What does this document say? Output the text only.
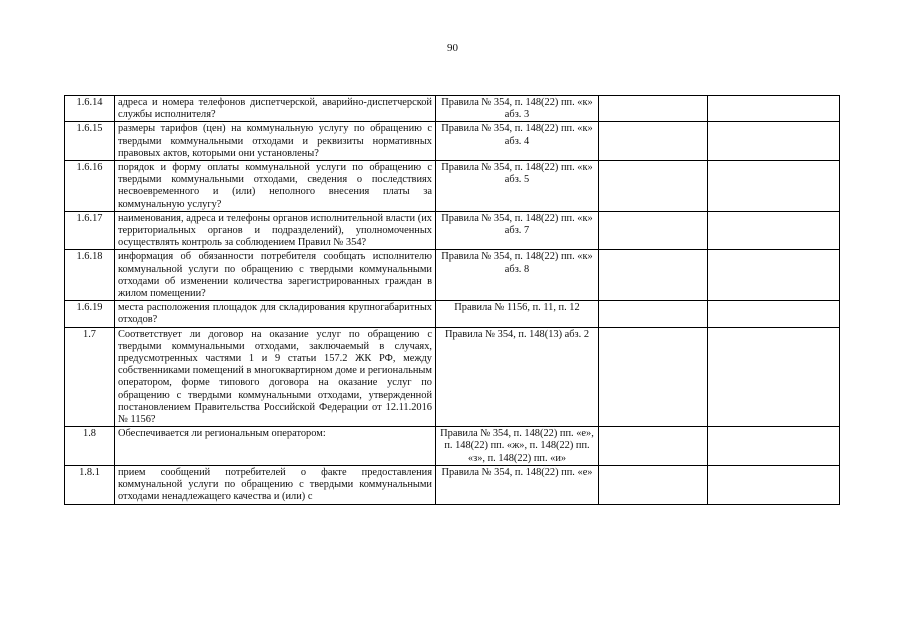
90
1.6.14	адреса и номера телефонов диспетчерской, аварийно-диспетчерской службы исполнителя?	Правила № 354, п. 148(22) пп. «к» абз. 3		
1.6.15	размеры тарифов (цен) на коммунальную услугу по обращению с твердыми коммунальными отходами и реквизиты нормативных правовых актов, которыми они установлены?	Правила № 354, п. 148(22) пп. «к» абз. 4		
1.6.16	порядок и форму оплаты коммунальной услуги по обращению с твердыми коммунальными отходами, сведения о последствиях несвоевременного и (или) неполного внесения платы за коммунальную услугу?	Правила № 354, п. 148(22) пп. «к» абз. 5		
1.6.17	наименования, адреса и телефоны органов исполнительной власти (их территориальных органов и подразделений), уполномоченных осуществлять контроль за соблюдением Правил № 354?	Правила № 354, п. 148(22) пп. «к» абз. 7		
1.6.18	информация об обязанности потребителя сообщать исполнителю коммунальной услуги по обращению с твердыми коммунальными отходами об изменении количества зарегистрированных граждан в жилом помещении?	Правила № 354, п. 148(22) пп. «к» абз. 8		
1.6.19	места расположения площадок для складирования крупногабаритных отходов?	Правила № 1156, п. 11, п. 12		
1.7	Соответствует ли договор на оказание услуг по обращению с твердыми коммунальными отходами, заключаемый в случаях, предусмотренных частями 1 и 9 статьи 157.2 ЖК РФ, между собственниками помещений в многоквартирном доме и региональным оператором, форме типового договора на оказание услуг по обращению с твердыми коммунальными отходами, утвержденной постановлением Правительства Российской Федерации от 12.11.2016 № 1156?	Правила № 354, п. 148(13) абз. 2		
1.8	Обеспечивается ли региональным оператором:	Правила № 354, п. 148(22) пп. «е», п. 148(22) пп. «ж», п. 148(22) пп. «з», п. 148(22) пп. «и»		
1.8.1	прием сообщений потребителей о факте предоставления коммунальной услуги по обращению с твердыми коммунальными отходами ненадлежащего качества и (или) с	Правила № 354, п. 148(22) пп. «е»		
